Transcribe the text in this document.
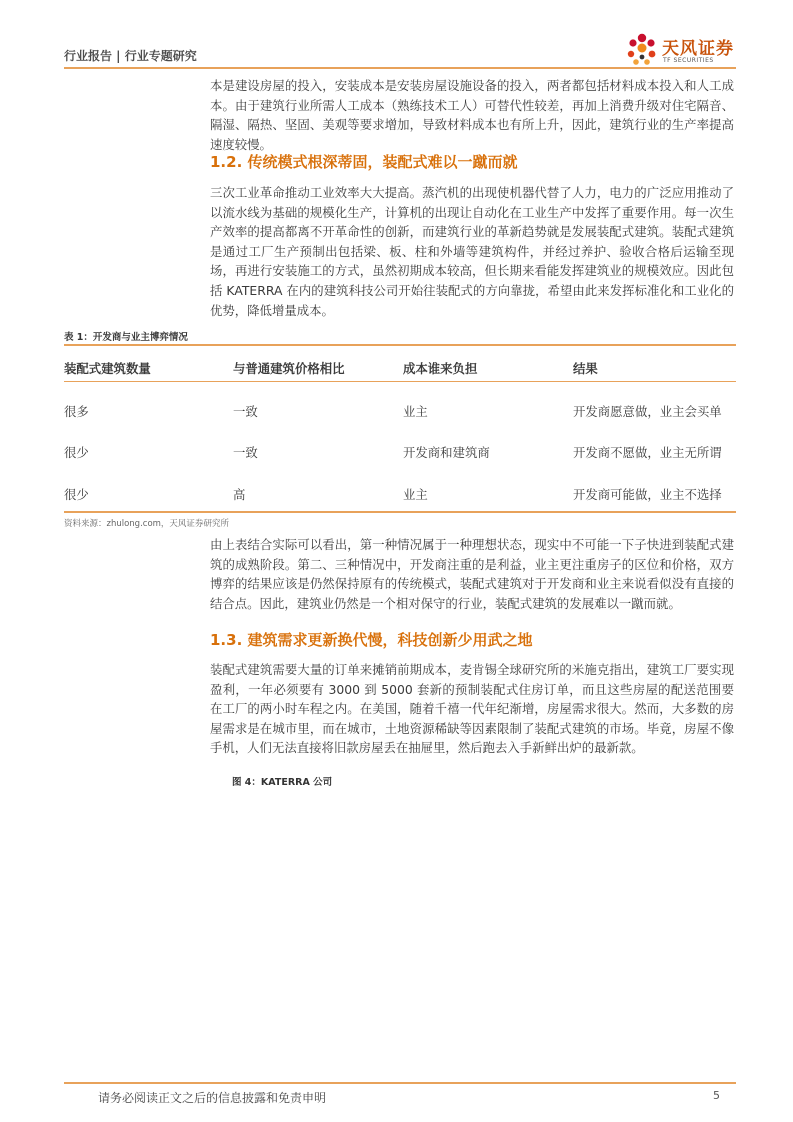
行业报告 | 行业专题研究	天风证券
TF SECURITIES

本是建设房屋的投入，安装成本是安装房屋设施设备的投入，两者都包括材料成本投入和人工成本。由于建筑行业所需人工成本（熟练技术工人）可替代性较差，再加上消费升级对住宅隔音、隔湿、隔热、坚固、美观等要求增加，导致材料成本也有所上升，因此，建筑行业的生产率提高速度较慢。

1.2. 传统模式根深蒂固，装配式难以一蹴而就

三次工业革命推动工业效率大大提高。蒸汽机的出现使机器代替了人力，电力的广泛应用推动了以流水线为基础的规模化生产，计算机的出现让自动化在工业生产中发挥了重要作用。每一次生产效率的提高都离不开革命性的创新，而建筑行业的革新趋势就是发展装配式建筑。装配式建筑是通过工厂生产预制出包括梁、板、柱和外墙等建筑构件，并经过养护、验收合格后运输至现场，再进行安装施工的方式，虽然初期成本较高，但长期来看能发挥建筑业的规模效应。因此包括 KATERRA 在内的建筑科技公司开始往装配式的方向靠拢，希望由此来发挥标准化和工业化的优势，降低增量成本。

表 1：开发商与业主博弈情况
装配式建筑数量	与普通建筑价格相比	成本谁来负担	结果
很多	一致	业主	开发商愿意做，业主会买单
很少	一致	开发商和建筑商	开发商不愿做，业主无所谓
很少	高	业主	开发商可能做，业主不选择
资料来源：zhulong.com，天风证券研究所

由上表结合实际可以看出，第一种情况属于一种理想状态，现实中不可能一下子快进到装配式建筑的成熟阶段。第二、三种情况中，开发商注重的是利益，业主更注重房子的区位和价格，双方博弈的结果应该是仍然保持原有的传统模式，装配式建筑对于开发商和业主来说看似没有直接的结合点。因此，建筑业仍然是一个相对保守的行业，装配式建筑的发展难以一蹴而就。

1.3. 建筑需求更新换代慢，科技创新少用武之地

装配式建筑需要大量的订单来摊销前期成本，麦肯锡全球研究所的米施克指出，建筑工厂要实现盈利，一年必须要有 3000 到 5000 套新的预制装配式住房订单，而且这些房屋的配送范围要在工厂的两小时车程之内。在美国，随着千禧一代年纪渐增，房屋需求很大。然而，大多数的房屋需求是在城市里，而在城市，土地资源稀缺等因素限制了装配式建筑的市场。毕竟，房屋不像手机，人们无法直接将旧款房屋丢在抽屉里，然后跑去入手新鲜出炉的最新款。

图 4：KATERRA 公司
请务必阅读正文之后的信息披露和免责申明	5
